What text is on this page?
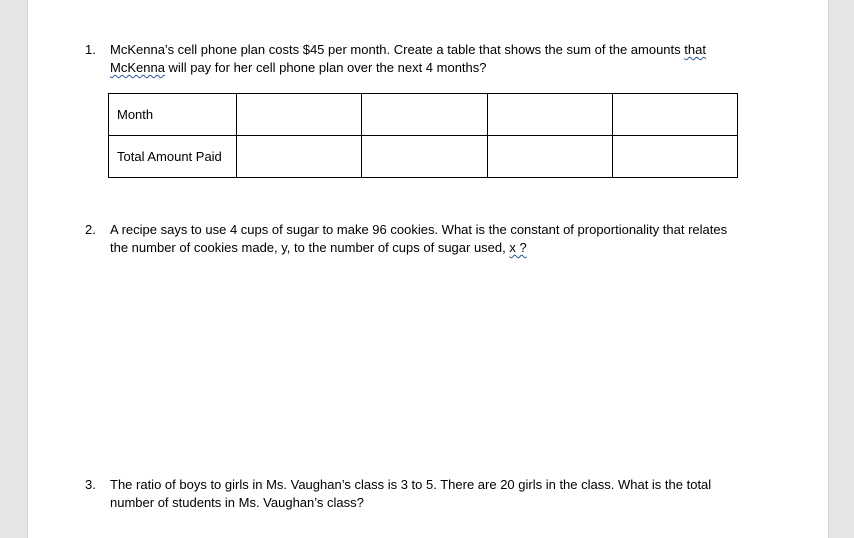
1.	McKenna’s cell phone plan costs $45 per month. Create a table that shows the sum of the amounts that
McKenna will pay for her cell phone plan over the next 4 months?
Month				
Total Amount Paid				
2.	A recipe says to use 4 cups of sugar to make 96 cookies. What is the constant of proportionality that relates
the number of cookies made, y, to the number of cups of sugar used, x ?
3.	The ratio of boys to girls in Ms. Vaughan’s class is 3 to 5. There are 20 girls in the class. What is the total
number of students in Ms. Vaughan’s class?
